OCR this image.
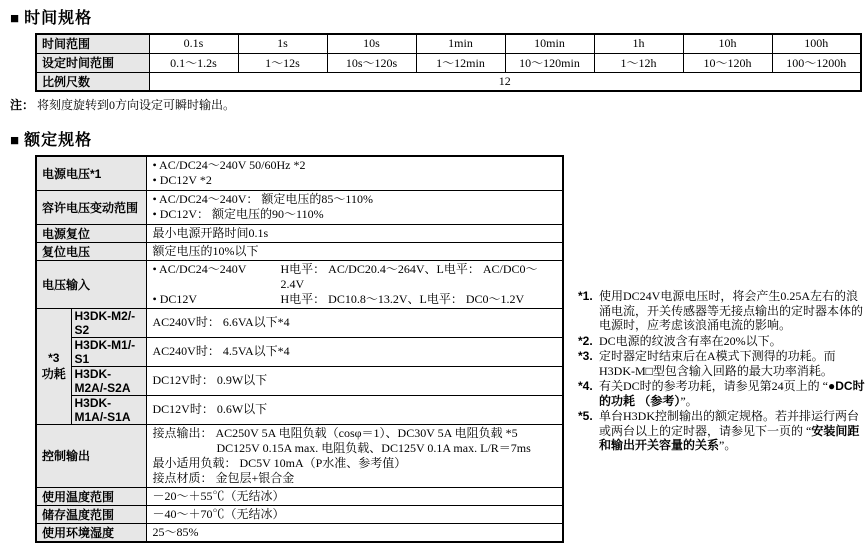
■ 时间规格
时间范围	0.1s	1s	10s	1min	10min	1h	10h	100h
设定时间范围	0.1～1.2s	1～12s	10s～120s	1～12min	10～120min	1～12h	10～120h	100～1200h
比例尺数	12							
注： 将刻度旋转到0方向设定可瞬时输出。
■ 额定规格
电源电压*1		• AC/DC24～240V 50/60Hz *2
• DC12V *2

容许电压变动范围		• AC/DC24～240V： 额定电压的85～110%
• DC12V： 额定电压的90～110%

电源复位		最小电源开路时间0.1s
复位电压		额定电压的10%以下
电压输入		• AC/DC24～240V H电平： AC/DC20.4～264V、L电平： AC/DC0～2.4V
• DC12V H电平： DC10.8～13.2V、L电平： DC0～1.2V

*3
功耗	H3DK-M2/-S2	AC240V时： 6.6VA以下*4
	H3DK-M1/-S1	AC240V时： 4.5VA以下*4
	H3DK-M2A/-S2A	DC12V时： 0.9W以下
	H3DK-M1A/-S1A	DC12V时： 0.6W以下
控制输出		接点输出： AC250V 5A 电阻负载（cosφ＝1）、DC30V 5A 电阻负载 *5
DC125V 0.15A max. 电阻负载、DC125V 0.1A max. L/R＝7ms
最小适用负载： DC5V 10mA（P水准、参考值）
接点材质： 金包层+银合金

使用温度范围		－20～＋55℃（无结冰）
储存温度范围		－40～＋70℃（无结冰）
使用环境湿度		25～85%
*1. 使用DC24V电源电压时，将会产生0.25A左右的浪涌电流，开关传感器等无接点输出的定时器本体的电源时，应考虑该浪涌电流的影响。
*2. DC电源的纹波含有率在20%以下。
*3. 定时器定时结束后在A模式下测得的功耗。而H3DK-M□型包含输入回路的最大功率消耗。
*4. 有关DC时的参考功耗，请参见第24页上的 “●DC时的功耗 （参考）”。
*5. 单台H3DK控制输出的额定规格。若并排运行两台或两台以上的定时器，请参见下一页的 “安装间距和输出开关容量的关系”。
